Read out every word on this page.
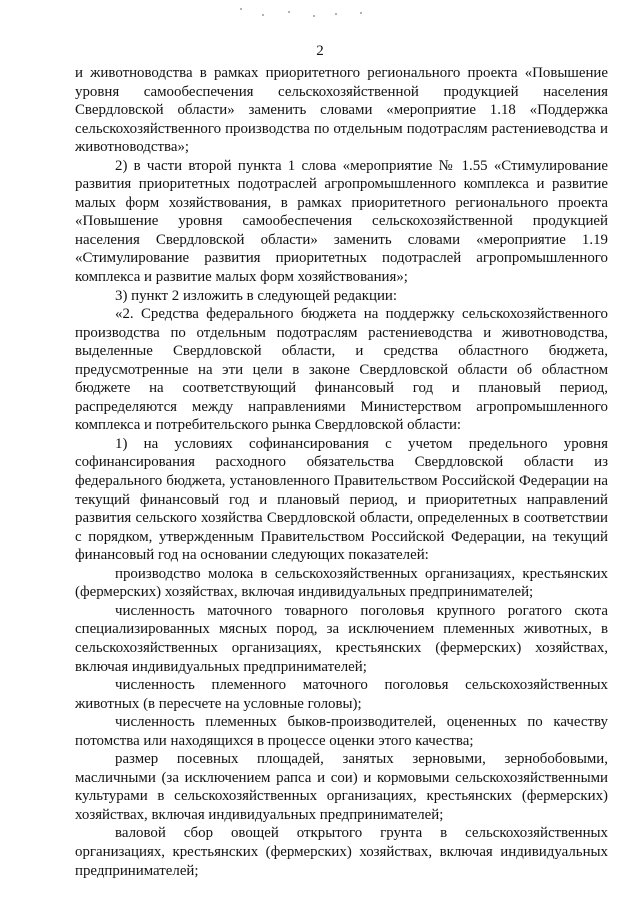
2

и животноводства в рамках приоритетного регионального проекта «Повышение уровня самообеспечения сельскохозяйственной продукцией населения Свердловской области» заменить словами «мероприятие 1.18 «Поддержка сельскохозяйственного производства по отдельным подотраслям растениеводства и животноводства»;

2) в части второй пункта 1 слова «мероприятие № 1.55 «Стимулирование развития приоритетных подотраслей агропромышленного комплекса и развитие малых форм хозяйствования, в рамках приоритетного регионального проекта «Повышение уровня самообеспечения сельскохозяйственной продукцией населения Свердловской области» заменить словами «мероприятие 1.19 «Стимулирование развития приоритетных подотраслей агропромышленного комплекса и развитие малых форм хозяйствования»;

3) пункт 2 изложить в следующей редакции:

«2. Средства федерального бюджета на поддержку сельскохозяйственного производства по отдельным подотраслям растениеводства и животноводства, выделенные Свердловской области, и средства областного бюджета, предусмотренные на эти цели в законе Свердловской области об областном бюджете на соответствующий финансовый год и плановый период, распределяются между направлениями Министерством агропромышленного комплекса и потребительского рынка Свердловской области:

1) на условиях софинансирования с учетом предельного уровня софинансирования расходного обязательства Свердловской области из федерального бюджета, установленного Правительством Российской Федерации на текущий финансовый год и плановый период, и приоритетных направлений развития сельского хозяйства Свердловской области, определенных в соответствии с порядком, утвержденным Правительством Российской Федерации, на текущий финансовый год на основании следующих показателей:

производство молока в сельскохозяйственных организациях, крестьянских (фермерских) хозяйствах, включая индивидуальных предпринимателей;

численность маточного товарного поголовья крупного рогатого скота специализированных мясных пород, за исключением племенных животных, в сельскохозяйственных организациях, крестьянских (фермерских) хозяйствах, включая индивидуальных предпринимателей;

численность племенного маточного поголовья сельскохозяйственных животных (в пересчете на условные головы);

численность племенных быков-производителей, оцененных по качеству потомства или находящихся в процессе оценки этого качества;

размер посевных площадей, занятых зерновыми, зернобобовыми, масличными (за исключением рапса и сои) и кормовыми сельскохозяйственными культурами в сельскохозяйственных организациях, крестьянских (фермерских) хозяйствах, включая индивидуальных предпринимателей;

валовой сбор овощей открытого грунта в сельскохозяйственных организациях, крестьянских (фермерских) хозяйствах, включая индивидуальных предпринимателей;
